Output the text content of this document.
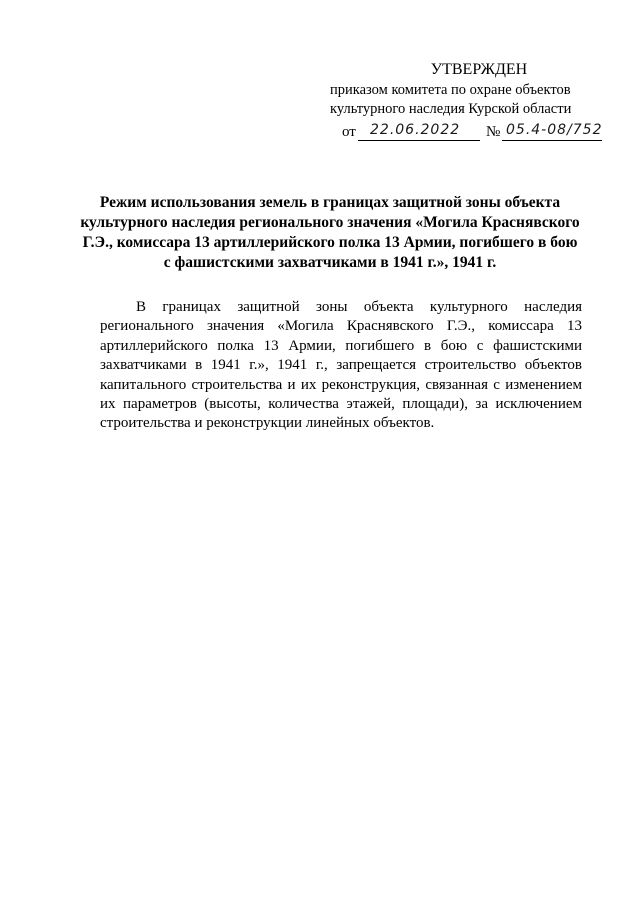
УТВЕРЖДЕН
приказом комитета по охране объектов
культурного наследия Курской области
от 22.06.2022 № 05.4-08/752
Режим использования земель в границах защитной зоны объекта культурного наследия регионального значения «Могила Краснявского Г.Э., комиссара 13 артиллерийского полка 13 Армии, погибшего в бою с фашистскими захватчиками в 1941 г.», 1941 г.
В границах защитной зоны объекта культурного наследия регионального значения «Могила Краснявского Г.Э., комиссара 13 артиллерийского полка 13 Армии, погибшего в бою с фашистскими захватчиками в 1941 г.», 1941 г., запрещается строительство объектов капитального строительства и их реконструкция, связанная с изменением их параметров (высоты, количества этажей, площади), за исключением строительства и реконструкции линейных объектов.
